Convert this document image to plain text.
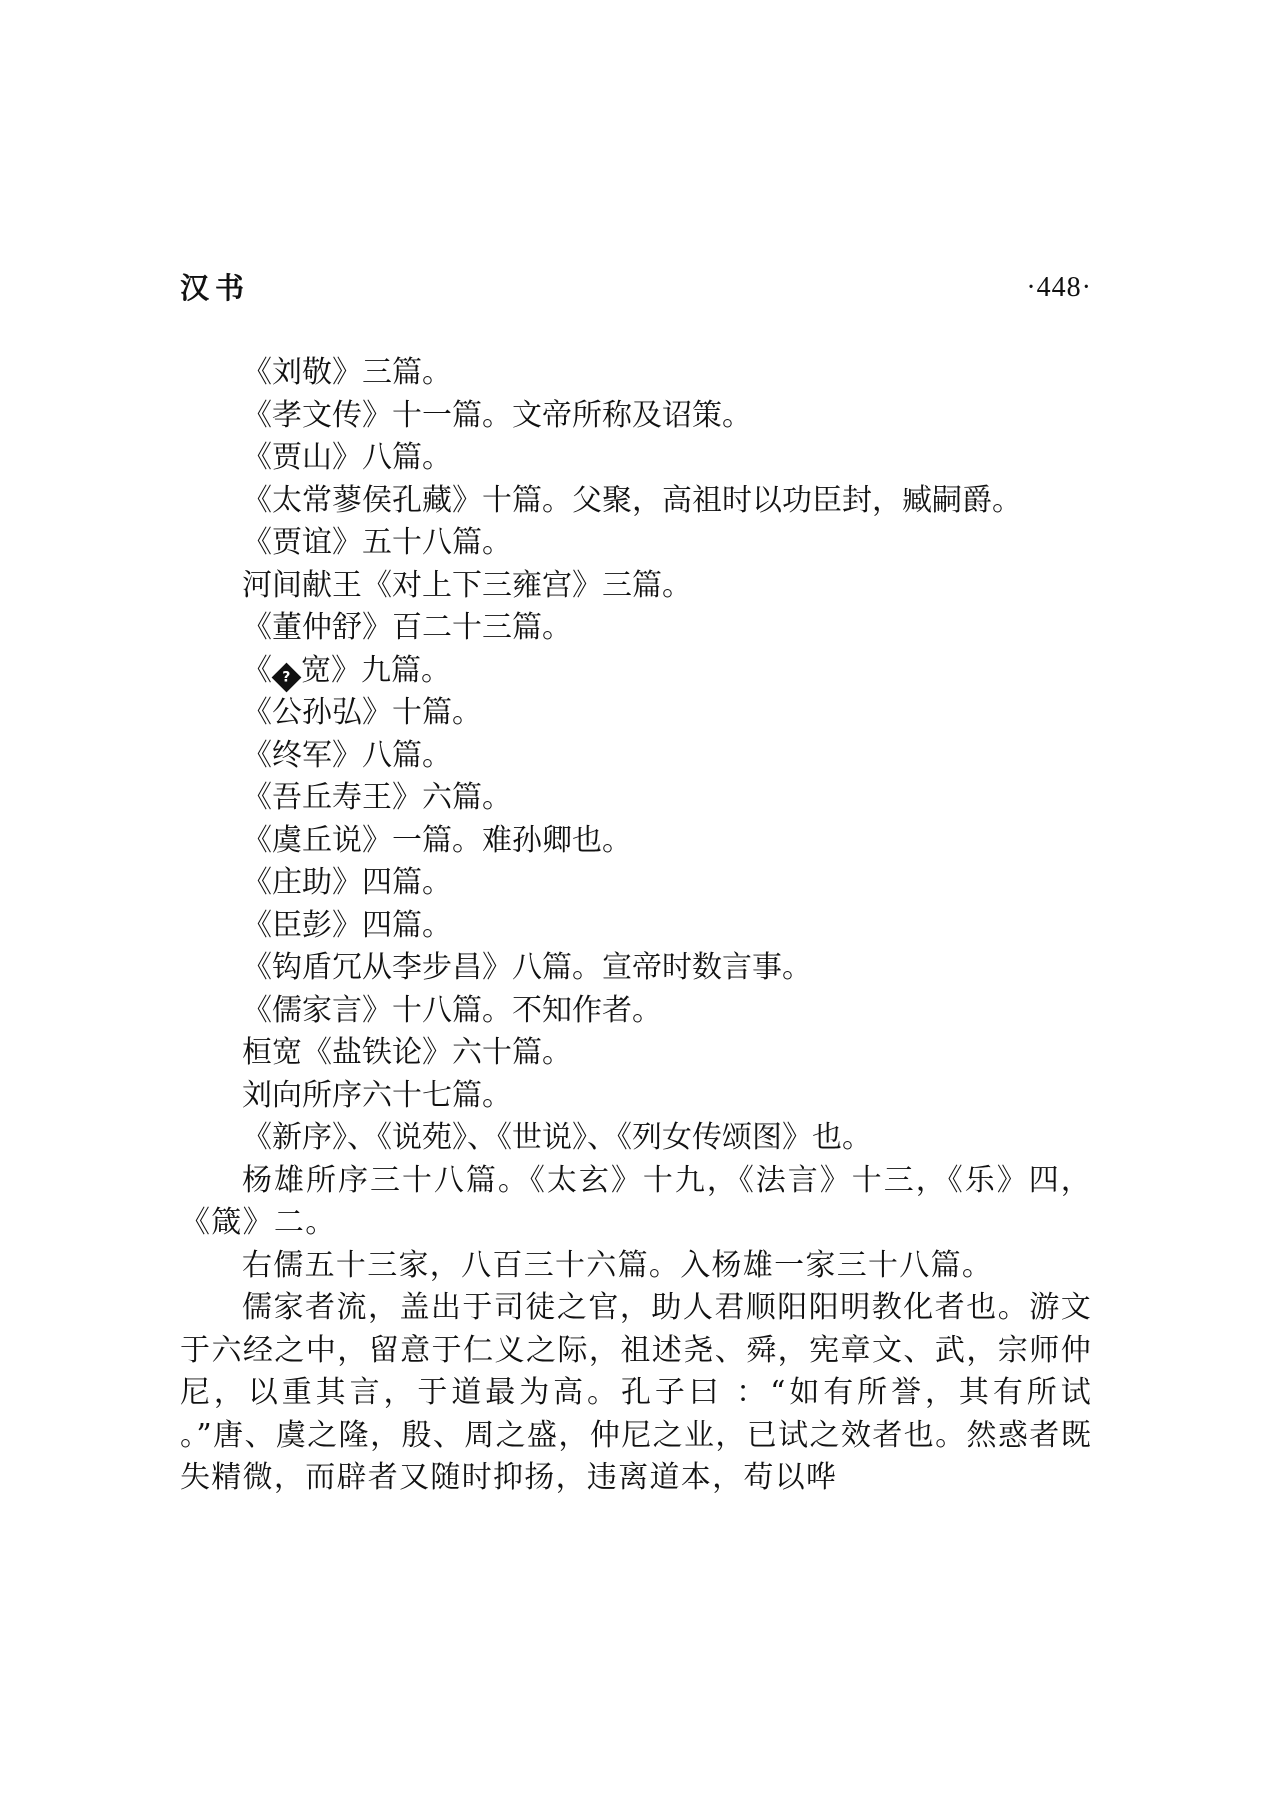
汉书	·448·

《刘敬》三篇。

《孝文传》十一篇。文帝所称及诏策。

《贾山》八篇。

《太常蓼侯孔藏》十篇。父聚，高祖时以功臣封，臧嗣爵。

《贾谊》五十八篇。

河间献王《对上下三雍宫》三篇。

《董仲舒》百二十三篇。

《 ? 宽》九篇。

《公孙弘》十篇。

《终军》八篇。

《吾丘寿王》六篇。

《虞丘说》一篇。难孙卿也。

《庄助》四篇。

《臣彭》四篇。

《钩盾冗从李步昌》八篇。宣帝时数言事。

《儒家言》十八篇。不知作者。

桓宽《盐铁论》六十篇。

刘向所序六十七篇。

《新序》、《说苑》、《世说》、《列女传颂图》也。

杨雄所序三十八篇。《太玄》十九，《法言》十三，《乐》四，《箴》二。

右儒五十三家，八百三十六篇。入杨雄一家三十八篇。

儒家者流，盖出于司徒之官，助人君顺阳阳明教化者也。游文于六经之中，留意于仁义之际，祖述尧、舜，宪章文、武，宗师仲尼，以重其言，于道最为高。孔子曰 ：“如有所誉，其有所试 。”唐、虞之隆，殷、周之盛，仲尼之业，已试之效者也。然惑者既失精微，而辟者又随时抑扬，违离道本，苟以哗
